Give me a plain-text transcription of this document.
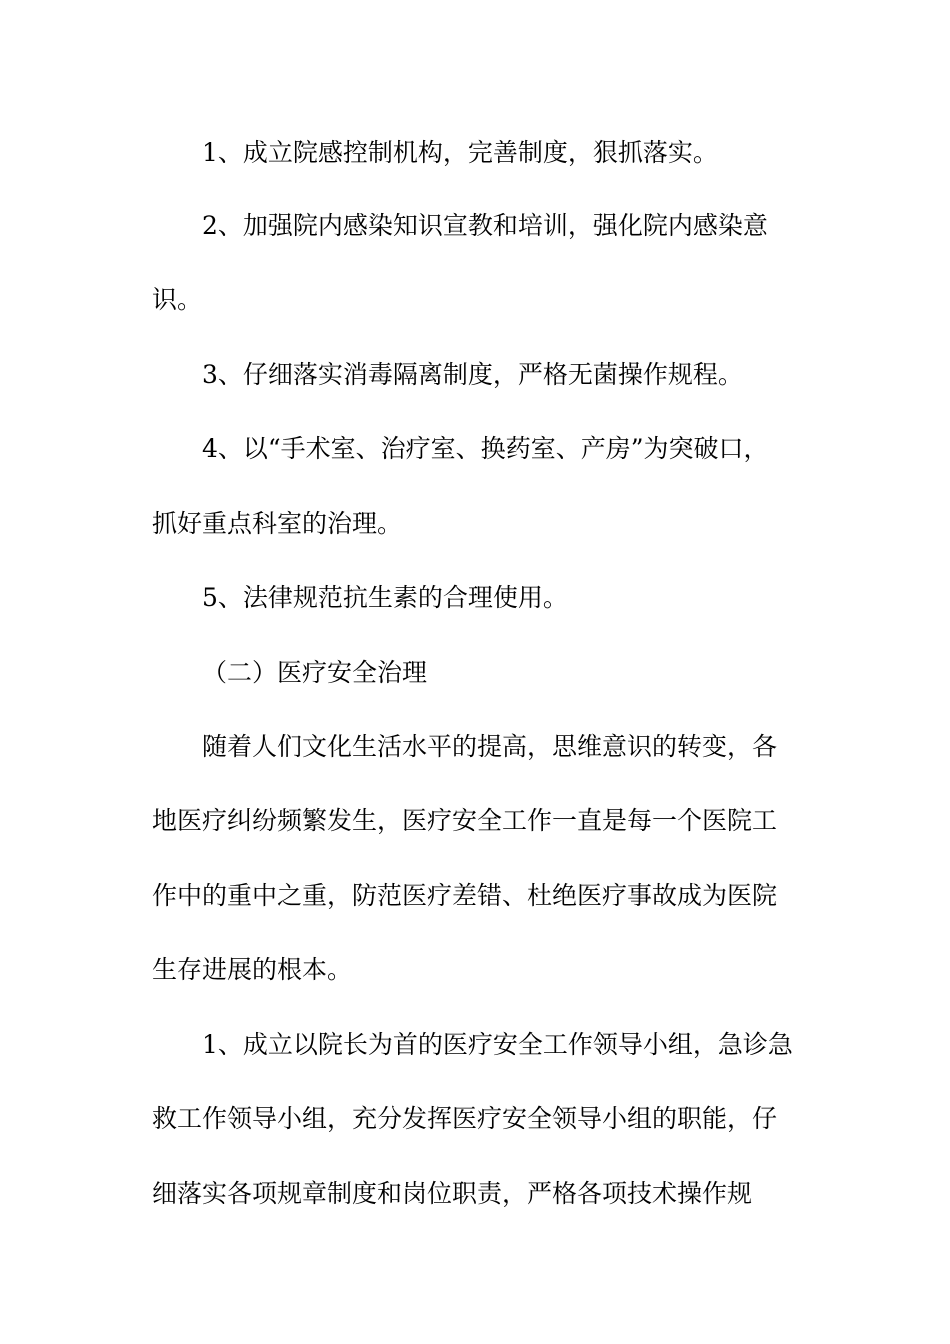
1、成立院感控制机构，完善制度，狠抓落实。
2、加强院内感染知识宣教和培训，强化院内感染意
识。
3、仔细落实消毒隔离制度，严格无菌操作规程。
4、以“手术室、治疗室、换药室、产房”为突破口，
抓好重点科室的治理。
5、法律规范抗生素的合理使用。
（二）医疗安全治理
随着人们文化生活水平的提高，思维意识的转变，各
地医疗纠纷频繁发生，医疗安全工作一直是每一个医院工
作中的重中之重，防范医疗差错、杜绝医疗事故成为医院
生存进展的根本。
1、成立以院长为首的医疗安全工作领导小组，急诊急
救工作领导小组，充分发挥医疗安全领导小组的职能，仔
细落实各项规章制度和岗位职责，严格各项技术操作规
